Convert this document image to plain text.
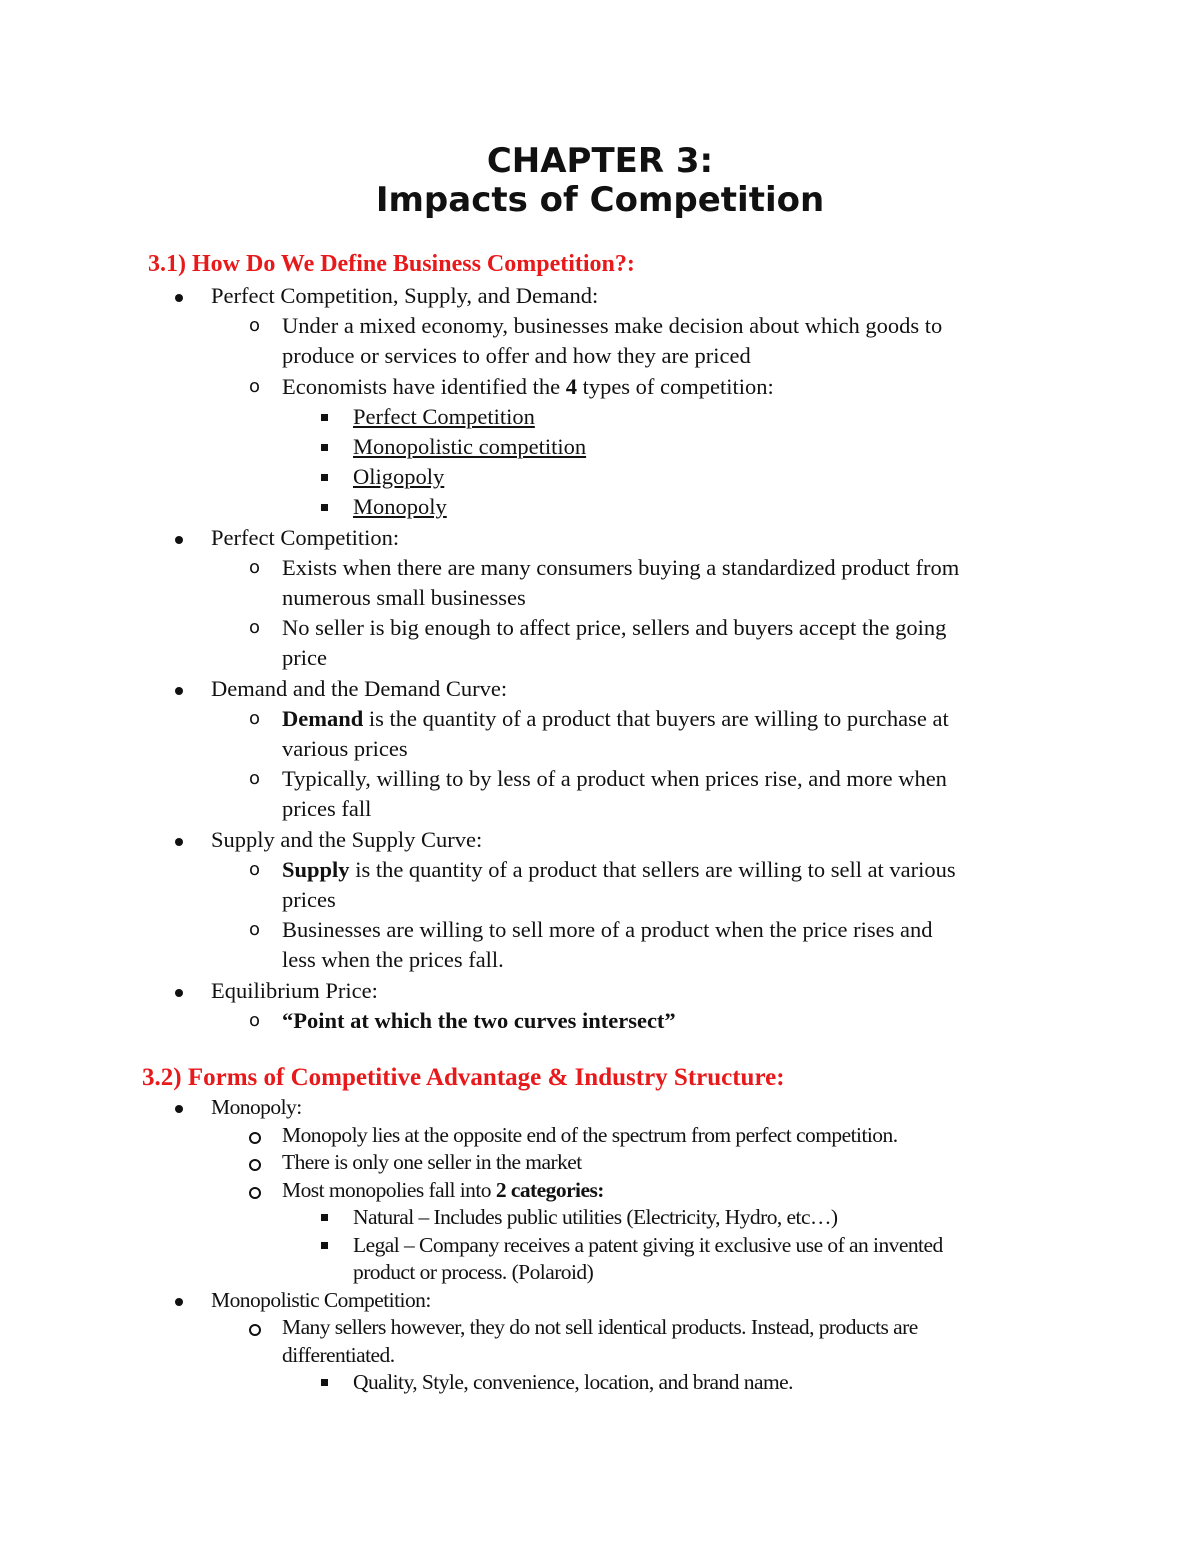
CHAPTER 3:
Impacts of Competition
3.1) How Do We Define Business Competition?:
Perfect Competition, Supply, and Demand:
o Under a mixed economy, businesses make decision about which goods to
produce or services to offer and how they are priced
o Economists have identified the 4 types of competition:
Perfect Competition
Monopolistic competition
Oligopoly
Monopoly
Perfect Competition:
o Exists when there are many consumers buying a standardized product from
numerous small businesses
o No seller is big enough to affect price, sellers and buyers accept the going
price
Demand and the Demand Curve:
o Demand is the quantity of a product that buyers are willing to purchase at
various prices
o Typically, willing to by less of a product when prices rise, and more when
prices fall
Supply and the Supply Curve:
o Supply is the quantity of a product that sellers are willing to sell at various
prices
o Businesses are willing to sell more of a product when the price rises and
less when the prices fall.
Equilibrium Price:
o “Point at which the two curves intersect”
3.2) Forms of Competitive Advantage & Industry Structure:
Monopoly:
Monopoly lies at the opposite end of the spectrum from perfect competition.
There is only one seller in the market
Most monopolies fall into 2 categories:
Natural – Includes public utilities (Electricity, Hydro, etc…)
Legal – Company receives a patent giving it exclusive use of an invented
product or process. (Polaroid)
Monopolistic Competition:
Many sellers however, they do not sell identical products. Instead, products are
differentiated.
Quality, Style, convenience, location, and brand name.
